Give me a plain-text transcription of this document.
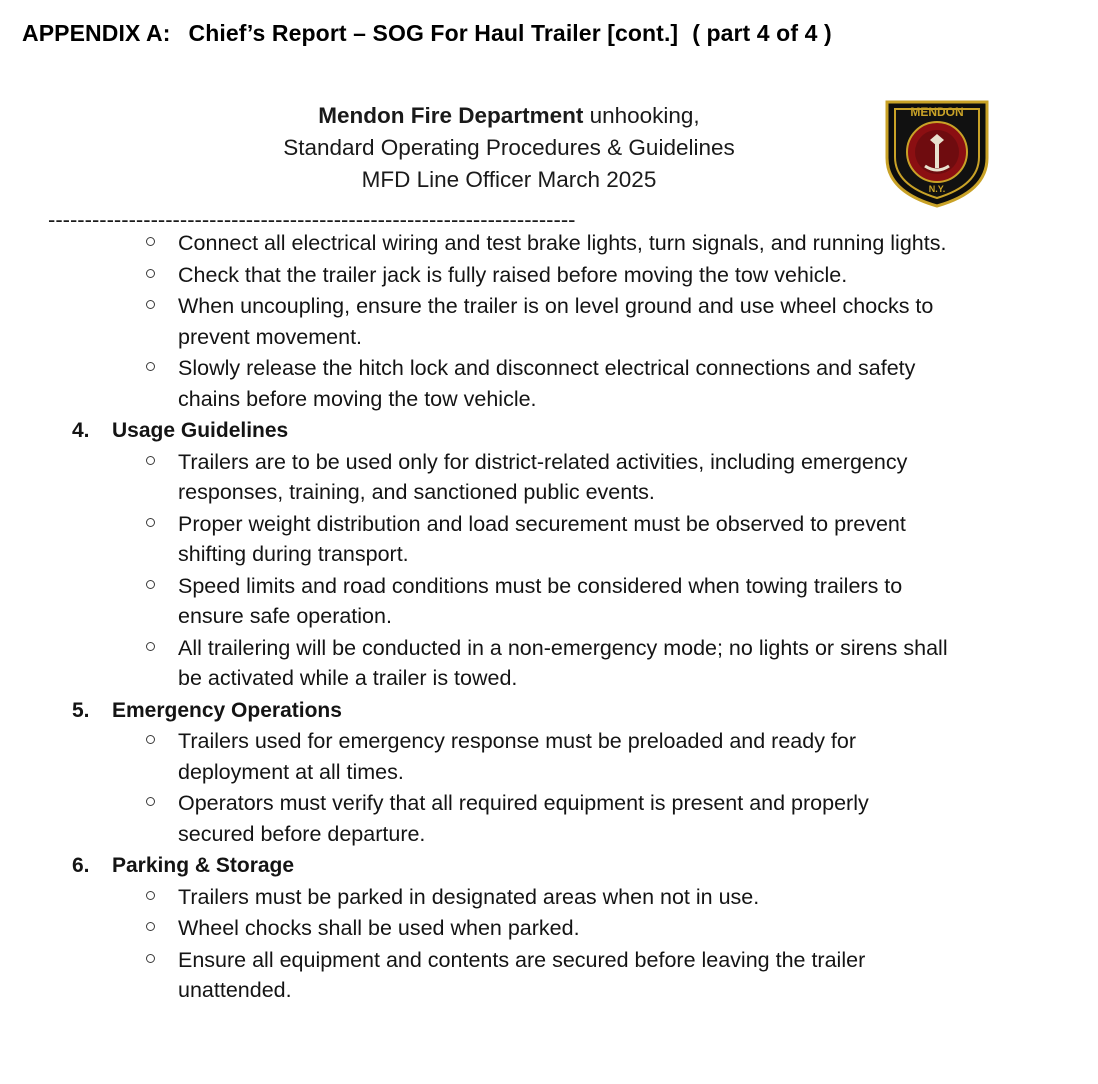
APPENDIX A: Chief’s Report – SOG For Haul Trailer [cont.] ( part 4 of 4 )
Mendon Fire Department unhooking,
Standard Operating Procedures & Guidelines
MFD Line Officer March 2025
MENDON
N.Y.
------------------------------------------------------------------------
Connect all electrical wiring and test brake lights, turn signals, and running lights.
Check that the trailer jack is fully raised before moving the tow vehicle.
When uncoupling, ensure the trailer is on level ground and use wheel chocks to prevent movement.
Slowly release the hitch lock and disconnect electrical connections and safety chains before moving the tow vehicle.
4. Usage Guidelines
Trailers are to be used only for district-related activities, including emergency responses, training, and sanctioned public events.
Proper weight distribution and load securement must be observed to prevent shifting during transport.
Speed limits and road conditions must be considered when towing trailers to ensure safe operation.
All trailering will be conducted in a non-emergency mode; no lights or sirens shall be activated while a trailer is towed.
5. Emergency Operations
Trailers used for emergency response must be preloaded and ready for deployment at all times.
Operators must verify that all required equipment is present and properly secured before departure.
6. Parking & Storage
Trailers must be parked in designated areas when not in use.
Wheel chocks shall be used when parked.
Ensure all equipment and contents are secured before leaving the trailer unattended.
